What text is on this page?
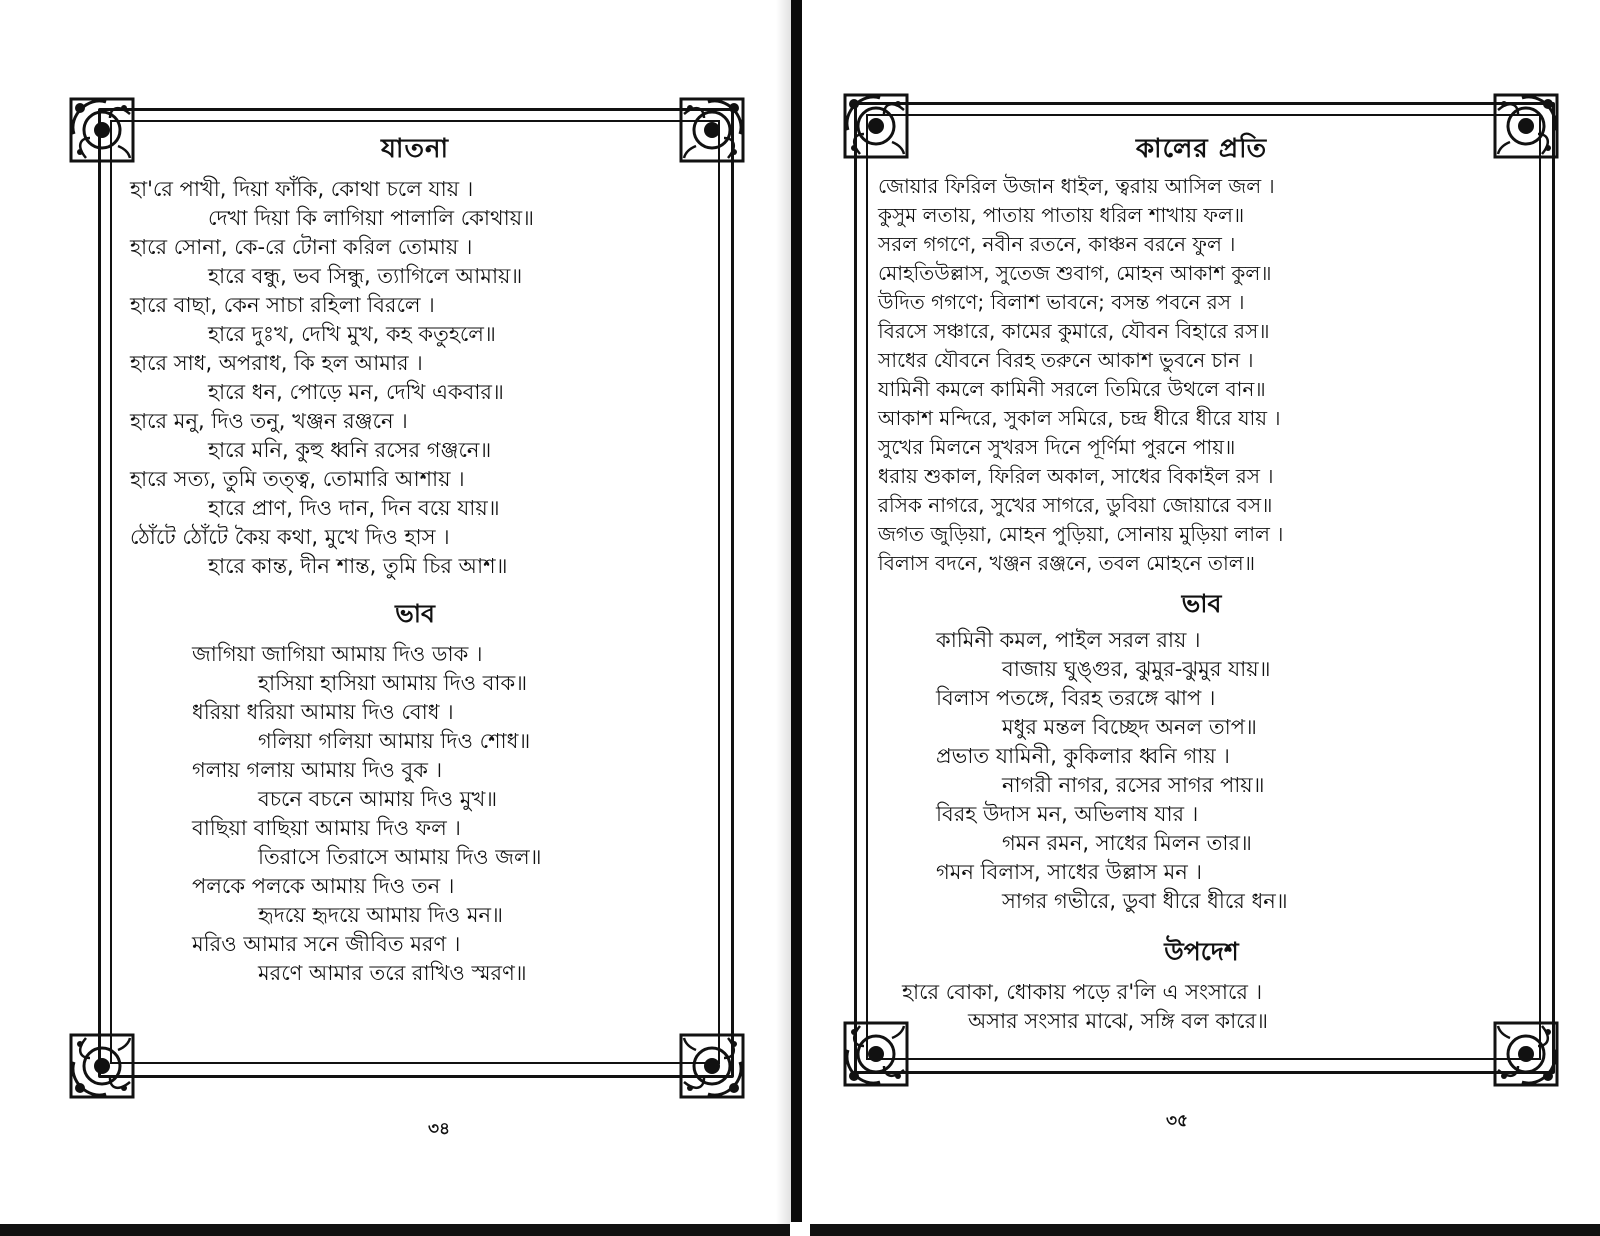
যাতনা
হা'রে পাখী, দিয়া ফাঁকি, কোথা চলে যায় ।
দেখা দিয়া কি লাগিয়া পালালি কোথায়॥
হারে সোনা, কে-রে টোনা করিল তোমায় ।
হারে বন্ধু, ভব সিন্ধু, ত্যাগিলে আমায়॥
হারে বাছা, কেন সাচা রহিলা বিরলে ।
হারে দুঃখ, দেখি মুখ, কহ কতুহলে॥
হারে সাধ, অপরাধ, কি হল আমার ।
হারে ধন, পোড়ে মন, দেখি একবার॥
হারে মনু, দিও তনু, খঞ্জন রঞ্জনে ।
হারে মনি, কুহু ধ্বনি রসের গঞ্জনে॥
হারে সত্য, তুমি তত্ত্ব, তোমারি আশায় ।
হারে প্রাণ, দিও দান, দিন বয়ে যায়॥
ঠোঁটে ঠোঁটে কৈয় কথা, মুখে দিও হাস ।
হারে কান্ত, দীন শান্ত, তুমি চির আশ॥
ভাব
জাগিয়া জাগিয়া আমায় দিও ডাক ।
হাসিয়া হাসিয়া আমায় দিও বাক॥
ধরিয়া ধরিয়া আমায় দিও বোধ ।
গলিয়া গলিয়া আমায় দিও শোধ॥
গলায় গলায় আমায় দিও বুক ।
বচনে বচনে আমায় দিও মুখ॥
বাছিয়া বাছিয়া আমায় দিও ফল ।
তিরাসে তিরাসে আমায় দিও জল॥
পলকে পলকে আমায় দিও তন ।
হৃদয়ে হৃদয়ে আমায় দিও মন॥
মরিও আমার সনে জীবিত মরণ ।
মরণে আমার তরে রাখিও স্মরণ॥
৩৪
কালের প্রতি
জোয়ার ফিরিল উজান ধাইল, ত্বরায় আসিল জল ।
কুসুম লতায়, পাতায় পাতায় ধরিল শাখায় ফল॥
সরল গগণে, নবীন রতনে, কাঞ্চন বরনে ফুল ।
মোহতিউল্লাস, সুতেজ শুবাগ, মোহন আকাশ কুল॥
উদিত গগণে; বিলাশ ভাবনে; বসন্ত পবনে রস ।
বিরসে সঞ্চারে, কামের কুমারে, যৌবন বিহারে রস॥
সাধের যৌবনে বিরহ তরুনে আকাশ ভুবনে চান ।
যামিনী কমলে কামিনী সরলে তিমিরে উথলে বান॥
আকাশ মন্দিরে, সুকাল সমিরে, চন্দ্র ধীরে ধীরে যায় ।
সুখের মিলনে সুখরস দিনে পূর্ণিমা পুরনে পায়॥
ধরায় শুকাল, ফিরিল অকাল, সাধের বিকাইল রস ।
রসিক নাগরে, সুখের সাগরে, ডুবিয়া জোয়ারে বস॥
জগত জুড়িয়া, মোহন পুড়িয়া, সোনায় মুড়িয়া লাল ।
বিলাস বদনে, খঞ্জন রঞ্জনে, তবল মোহনে তাল॥
ভাব
কামিনী কমল, পাইল সরল রায় ।
বাজায় ঘুঙ্গুর, ঝুমুর-ঝুমুর যায়॥
বিলাস পতঙ্গে, বিরহ তরঙ্গে ঝাপ ।
মধুর মন্তল বিচ্ছেদ অনল তাপ॥
প্রভাত যামিনী, কুকিলার ধ্বনি গায় ।
নাগরী নাগর, রসের সাগর পায়॥
বিরহ উদাস মন, অভিলাষ যার ।
গমন রমন, সাধের মিলন তার॥
গমন বিলাস, সাধের উল্লাস মন ।
সাগর গভীরে, ডুবা ধীরে ধীরে ধন॥
উপদেশ
হারে বোকা, ধোকায় পড়ে র'লি এ সংসারে ।
অসার সংসার মাঝে, সঙ্গি বল কারে॥
৩৫
